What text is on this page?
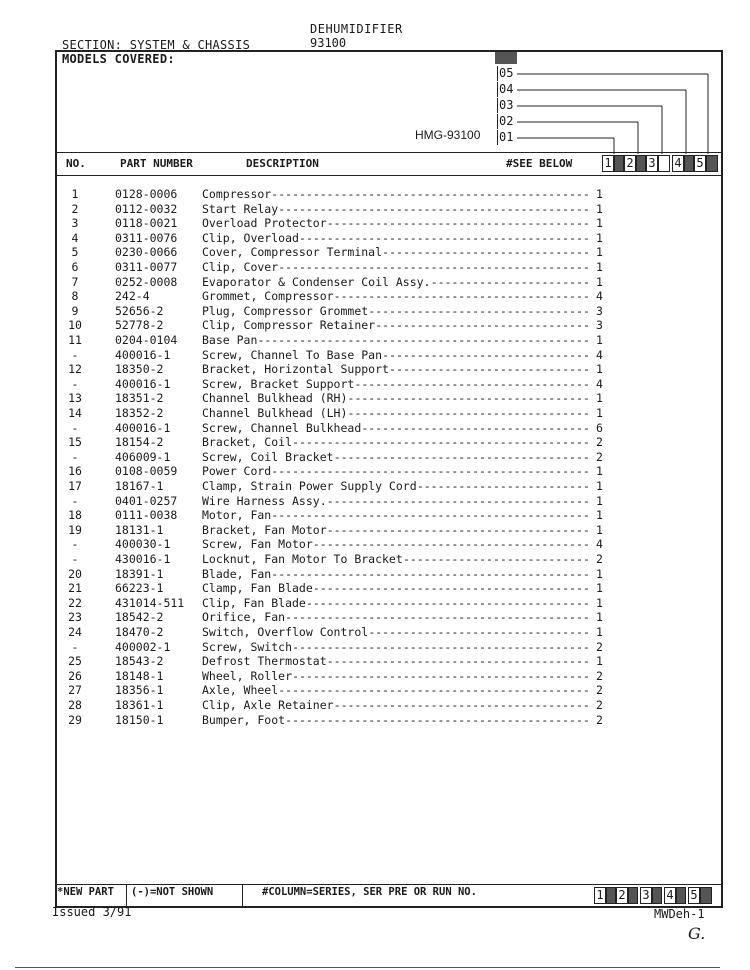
DEHUMIDIFIER
93100
SECTION: SYSTEM & CHASSIS
MODELS COVERED:
HMG-93100
05
04
03
02
01
NO.	PART NUMBER	DESCRIPTION	#SEE BELOW	1 2 3 4 5
1	0128-0006 Compressor ---------------------------------------------- 1
2	0112-0032 Start Relay --------------------------------------------- 1
3	0118-0021 Overload Protector -------------------------------------- 1
4	0311-0076 Clip, Overload ------------------------------------------ 1
5	0230-0066 Cover, Compressor Terminal ------------------------------ 1
6	0311-0077 Clip, Cover --------------------------------------------- 1
7	0252-0008 Evaporator & Condenser Coil Assy. ----------------------- 1
8	242-4	Grommet, Compressor ------------------------------------- 4
9	52656-2	Plug, Compressor Grommet -------------------------------- 3
10	52778-2	Clip, Compressor Retainer ------------------------------- 3
11	0204-0104 Base Pan ------------------------------------------------ 1
-	400016-1	Screw, Channel To Base Pan ------------------------------ 4
12	18350-2	Bracket, Horizontal Support ----------------------------- 1
-	400016-1	Screw, Bracket Support ---------------------------------- 4
13	18351-2	Channel Bulkhead (RH) ----------------------------------- 1
14	18352-2	Channel Bulkhead (LH) ----------------------------------- 1
-	400016-1	Screw, Channel Bulkhead --------------------------------- 6
15	18154-2	Bracket, Coil ------------------------------------------- 2
-	406009-1	Screw, Coil Bracket ------------------------------------- 2
16	0108-0059 Power Cord ---------------------------------------------- 1
17	18167-1	Clamp, Strain Power Supply Cord ------------------------- 1
-	0401-0257 Wire Harness Assy. -------------------------------------- 1
18	0111-0038 Motor, Fan ---------------------------------------------- 1
19	18131-1	Bracket, Fan Motor -------------------------------------- 1
-	400030-1	Screw, Fan Motor ---------------------------------------- 4
-	430016-1	Locknut, Fan Motor To Bracket --------------------------- 2
20	18391-1	Blade, Fan ---------------------------------------------- 1
21	66223-1	Clamp, Fan Blade ---------------------------------------- 1
22	431014-511 Clip, Fan Blade ----------------------------------------- 1
23	18542-2	Orifice, Fan -------------------------------------------- 1
24	18470-2	Switch, Overflow Control -------------------------------- 1
-	400002-1	Screw, Switch ------------------------------------------- 2
25	18543-2	Defrost Thermostat -------------------------------------- 1
26	18148-1	Wheel, Roller ------------------------------------------- 2
27	18356-1	Axle, Wheel --------------------------------------------- 2
28	18361-1	Clip, Axle Retainer ------------------------------------- 2
29	18150-1	Bumper, Foot -------------------------------------------- 2
*NEW PART (-)=NOT SHOWN	#COLUMN=SERIES, SER PRE OR RUN NO.	1 2 3 4 5
Issued 3/91	MWDeh-1
G.
